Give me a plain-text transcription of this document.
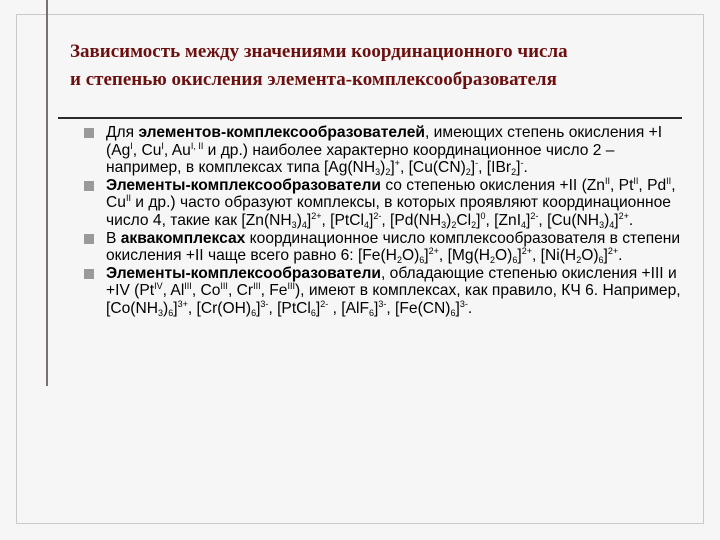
Зависимость между значениями координационного числа
и степенью окисления элемента-комплексообразователя

Для элементов-комплексообразователей, имеющих степень окисления +I ($Ag^I$, $Cu^I$, $Au^{I, II}$ и др.) наиболее характерно координационное число 2 – например, в комплексах типа $[Ag(NH_3)_2]^+$, $[Cu(CN)_2]^-$, [IBr$_2$]-.

Элементы-комплексообразователи со степенью окисления +II ($Zn^{II}$, $Pt^{II}$, $Pd^{II}$, $Cu^{II}$ и др.) часто образуют комплексы, в которых проявляют координационное число 4, такие как $[Zn(NH_3)_4]^{2+}$, [PtCl$_4$]$^{2-}$, $[Pd(NH_3)_2Cl_2]^0$, $[ZnI_4]^{2-}$, $[Cu(NH_3)_4]^{2+}$.

В аквакомплексах координационное число комплексообразователя в степени окисления +II чаще всего равно 6: $[Fe(H_2O)_6]^{2+}$, $[Mg(H_2O)_6]^{2+}$, $[Ni(H_2O)_6]^{2+}$.

Элементы-комплексообразователи, обладающие степенью окисления +III и +IV ($Pt^{IV}$, $Al^{III}$, $Co^{III}$, $Cr^{III}$, $Fe^{III}$), имеют в комплексах, как правило, КЧ 6. Например, $[Co(NH_3)_6]^{3+}$, $[Cr(OH)_6]^{3-}$, [PtCl$_6$]$^{2-}$ , $[AlF_6]^{3-}$, $[Fe(CN)_6]^{3-}$.
